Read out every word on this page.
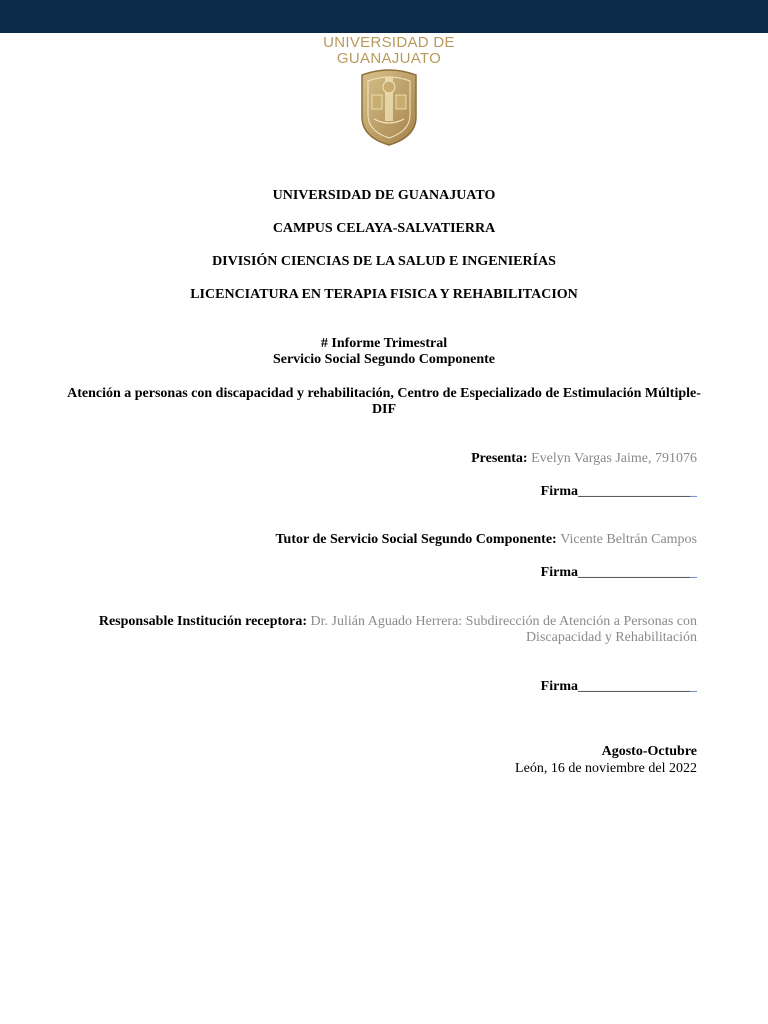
UNIVERSIDAD DE
GUANAJUATO
UNIVERSIDAD DE GUANAJUATO
CAMPUS CELAYA-SALVATIERRA
DIVISIÓN CIENCIAS DE LA SALUD E INGENIERÍAS
LICENCIATURA EN TERAPIA FISICA Y REHABILITACION
# Informe Trimestral
Servicio Social Segundo Componente
Atención a personas con discapacidad y rehabilitación, Centro de Especializado de Estimulación Múltiple-
DIF
Presenta: Evelyn Vargas Jaime, 791076
Firma_________________
Tutor de Servicio Social Segundo Componente: Vicente Beltrán Campos
Firma_________________
Responsable Institución receptora: Dr. Julián Aguado Herrera: Subdirección de Atención a Personas con
Discapacidad y Rehabilitación
Firma_________________
Agosto-Octubre
León, 16 de noviembre del 2022
